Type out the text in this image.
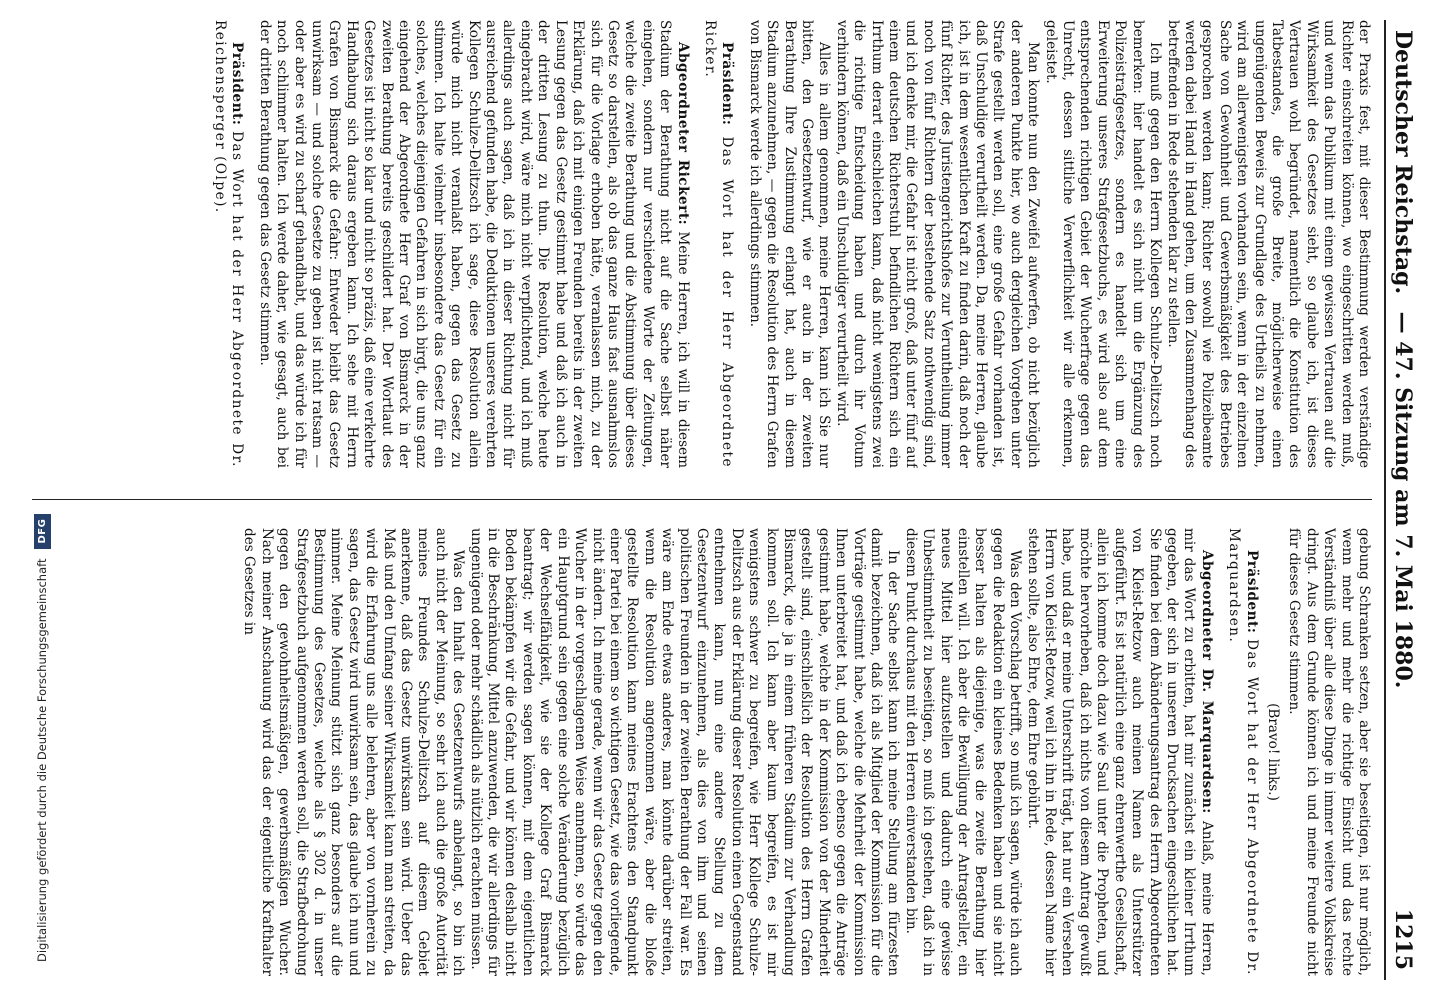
Deutscher Reichstag.
— 47. Sitzung am 7. Mai 1880.
1215

der Praxis fest, mit dieser Bestimmung werden verständige Richter einschreiten können, wo eingeschritten werden muß, und wenn das Publikum mit einem gewissen Vertrauen auf die Wirksamkeit des Gesetzes sieht, so glaube ich, ist dieses Vertrauen wohl begründet, namentlich die Konstitution des Tatbestandes, die große Breite, möglicherweise einen ungenügenden Beweis zur Grundlage des Urtheils zu nehmen, wird am allerwenigsten vorhanden sein, wenn in der einzelnen Sache von Gewohnheit und Gewerbsmäßigkeit des Betriebes gesprochen werden kann; Richter sowohl wie Polizeibeamte werden dabei Hand in Hand gehen, um den Zusammenhang des betreffenden in Rede stehenden klar zu stellen.

Ich muß gegen den Herrn Kollegen Schulze-Delitzsch noch bemerken: hier handelt es sich nicht um die Ergänzung des Polizeistrafgesetzes, sondern es handelt sich um eine Erweiterung unseres Strafgesetzbuchs, es wird also auf dem entsprechenden richtigen Gebiet der Wucherfrage gegen das Unrecht, dessen sittliche Verwerflichkeit wir alle erkennen, geleistet.

Man konnte nun den Zweifel aufwerfen, ob nicht bezüglich der anderen Punkte hier, wo auch dergleichen Vorgehen unter Strafe gestellt werden soll, eine große Gefahr vorhanden ist, daß Unschuldige verurtheilt werden. Da, meine Herren, glaube ich, ist in dem wesentlichen Kraft zu finden darin, daß noch der fünf Richter, des Juristengerichtshofes zur Veruntheilung immer noch von fünf Richtern der bestehende Satz nothwendig sind, und ich denke mir, die Gefahr ist nicht groß, daß unter fünf auf einem deutschen Richterstuhl befindlichen Richtern sich ein Irrthum derart einschleichen kann, daß nicht wenigstens zwei die richtige Entscheidung haben und durch ihr Votum verhindern können, daß ein Unschuldiger verurtheilt wird.

Alles in allem genommen, meine Herren, kann ich Sie nur bitten, den Gesetzentwurf, wie er auch in der zweiten Berathung Ihre Zustimmung erlangt hat, auch in diesem Stadium anzunehmen, — gegen die Resolution des Herrn Grafen von Bismarck werde ich allerdings stimmen.

Präsident: Das Wort hat der Herr Abgeordnete Ricker.

Abgeordneter Rickert: Meine Herren, ich will in diesem Stadium der Berathung nicht auf die Sache selbst näher eingehen, sondern nur verschiedene Worte der Zeitungen, welche die zweite Berathung und die Abstimmung über dieses Gesetz so darstellen, als ob das ganze Haus fast ausnahmslos sich für die Vorlage erhoben hätte, veranlassen mich, zu der Erklärung, daß ich mit einigen Freunden bereits in der zweiten Lesung gegen das Gesetz gestimmt habe und daß ich auch in der dritten Lesung zu thun. Die Resolution, welche heute eingebracht wird, wäre mich nicht verpflichtend, und ich muß allerdings auch sagen, daß ich in dieser Richtung nicht für ausreichend gefunden habe, die Deduktionen unseres verehrten Kollegen Schulze-Delitzsch ich sage, diese Resolution allein würde mich nicht veranlaßt haben, gegen das Gesetz zu stimmen. Ich halte vielmehr insbesondere das Gesetz für ein solches, welches diejenigen Gefahren in sich birgt, die uns ganz eingehend der Abgeordnete Herr Graf von Bismarck in der zweiten Berathung bereits geschildert hat. Der Wortlaut des Gesetzes ist nicht so klar und nicht so präzis, daß eine verkehrte Handhabung sich daraus ergeben kann. Ich sehe mit Herrn Grafen von Bismarck die Gefahr: Entweder bleibt das Gesetz unwirksam — und solche Gesetze zu geben ist nicht ratsam — oder aber es wird zu scharf gehandhabt, und das würde ich für noch schlimmer halten. Ich werde daher, wie gesagt, auch bei der dritten Berathung gegen das Gesetz stimmen.

Präsident: Das Wort hat der Herr Abgeordnete Dr. Reichensperger (Olpe).

gebung Schranken setzen, aber sie beseitigen, ist nur möglich, wenn mehr und mehr die richtige Einsicht und das rechte Verständniß über alle diese Dinge in immer weitere Volkskreise dringt. Aus dem Grunde können ich und meine Freunde nicht für dieses Gesetz stimmen.

(Bravo! links.)

Präsident: Das Wort hat der Herr Abgeordnete Dr. Marquardsen.

Abgeordneter Dr. Marquardsen: Anlaß, meine Herren, mir das Wort zu erbitten, hat mir zunächst ein kleiner Irrthum gegeben, der sich in unseren Drucksachen eingeschlichen hat. Sie finden bei dem Abänderungsantrag des Herrn Abgeordneten von Kleist-Retzow auch meinen Namen als Unterstützer aufgeführt. Es ist natürlich eine ganz ehrenwerthe Gesellschaft, allein ich komme doch dazu wie Saul unter die Propheten, und möchte hervorheben, daß ich nichts von diesem Antrag gewußt habe, und daß er meine Unterschrift trägt, hat nur ein Versehen Herrn von Kleist-Retzow, weil ich ihn in Rede, dessen Name hier stehen sollte, also Ehre, dem Ehre gebührt.

Was den Vorschlag betrifft, so muß ich sagen, würde ich auch gegen die Redaktion ein kleines Bedenken haben und sie nicht besser halten als diejenige, was die zweite Berathung hier einstellen will. Ich aber die Bewilligung der Antragsteller, ein neues Mittel hier aufzustellen und dadurch eine gewisse Unbestimmtheit zu beseitigen, so muß ich gestehen, daß ich in diesem Punkt durchaus mit den Herren einverstanden bin.

In der Sache selbst kann ich meine Stellung am fürzesten damit bezeichnen, daß ich als Mitglied der Kommission für die Vorträge gestimmt habe, welche die Mehrheit der Kommission Ihnen unterbreitet hat, und daß ich ebenso gegen die Anträge gestimmt habe, welche in der Kommission von der Minderheit gestellt sind, einschließlich der Resolution des Herrn Grafen Bismarck, die ja in einem früheren Stadium zur Verhandlung kommen soll. Ich kann aber kaum begreifen, es ist mir wenigstens schwer zu begreifen, wie Herr Kollege Schulze-Delitzsch aus der Erklärung dieser Resolution einen Gegenstand entnehmen kann, nun eine andere Stellung zu dem Gesetzentwurf einzunehmen, als dies von ihm und seinen politischen Freunden in der zweiten Berathung der Fall war. Es wäre am Ende etwas anderes, man könnte darüber streiten, wenn die Resolution angenommen wäre, aber die bloße gestellte Resolution kann meines Erachtens den Standpunkt einer Partei bei einem so wichtigen Gesetz, wie das vorliegende, nicht ändern. Ich meine gerade, wenn wir das Gesetz gegen den Wucher in der vorgeschlagenen Weise annehmen, so würde das ein Hauptgrund sein gegen eine solche Veränderung bezüglich der Wechselfähigkeit, wie sie der Kollege Graf Bismarck beantragt; wir werden sagen können, mit dem eigentlichen Boden bekämpfen wir die Gefahr, und wir können deshalb nicht in die Beschränkung, Mittel anzuwenden, die wir allerdings für ungenügend oder mehr schädlich als nützlich erachten müssen.

Was den Inhalt des Gesetzentwurfs anbelangt, so bin ich auch nicht der Meinung, so sehr ich auch die große Autorität meines Freundes Schulze-Delitzsch auf diesem Gebiet anerkenne, daß das Gesetz unwirksam sein wird. Ueber das Maß und den Umfang seiner Wirksamkeit kann man streiten, da wird die Erfahrung uns alle belehren, aber von vornherein zu sagen, das Gesetz wird unwirksam sein, das glaube ich nun und nimmer. Meine Meinung stützt sich ganz besonders auf die Bestimmung des Gesetzes, welche als § 302 d. in unser Strafgesetzbuch aufgenommen werden soll, die Strafbedrohung gegen den gewohnheitsmäßigen, gewerbsmäßigen Wucher. Nach meiner Anschauung wird das der eigentliche Krafthalter des Gesetzes in

Digitalisierung gefördert durch die Deutsche Forschungsgemeinschaft
DFG
